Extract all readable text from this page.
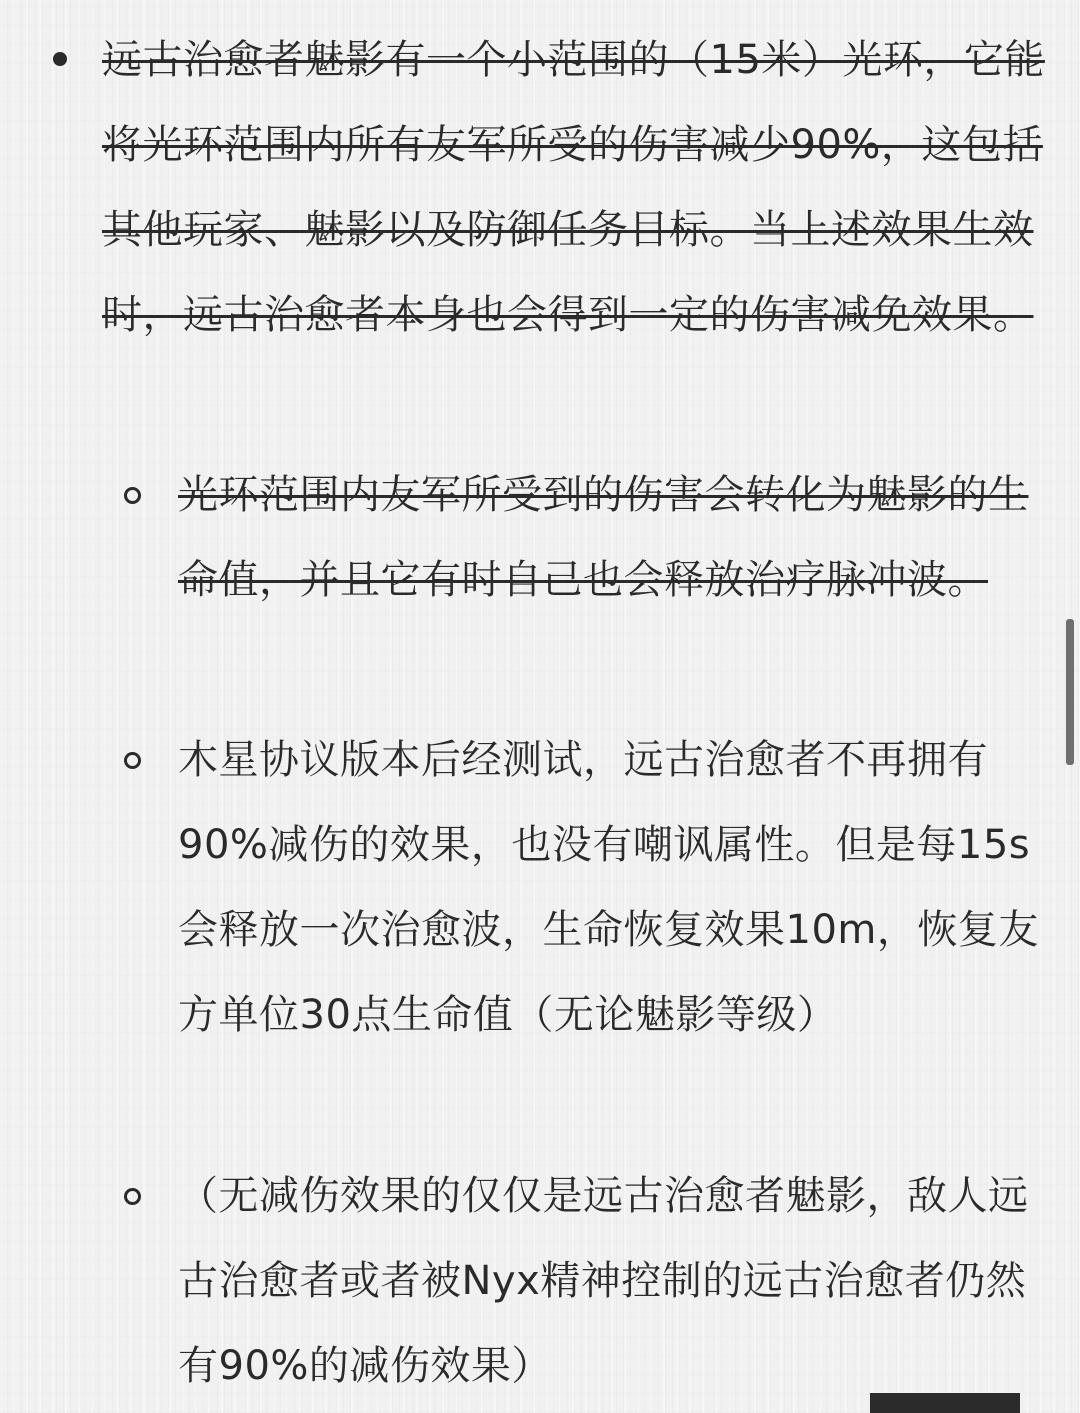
远古治愈者魅影有一个小范围的（15米）光环，它能将光环范围内所有友军所受的伤害减少90%，这包括其他玩家、魅影以及防御任务目标。当上述效果生效时，远古治愈者本身也会得到一定的伤害减免效果。
光环范围内友军所受到的伤害会转化为魅影的生命值，并且它有时自己也会释放治疗脉冲波。
木星协议版本后经测试，远古治愈者不再拥有90%减伤的效果，也没有嘲讽属性。但是每15s会释放一次治愈波，生命恢复效果10m，恢复友方单位30点生命值（无论魅影等级）
（无减伤效果的仅仅是远古治愈者魅影，敌人远古治愈者或者被Nyx精神控制的远古治愈者仍然有90%的减伤效果）
